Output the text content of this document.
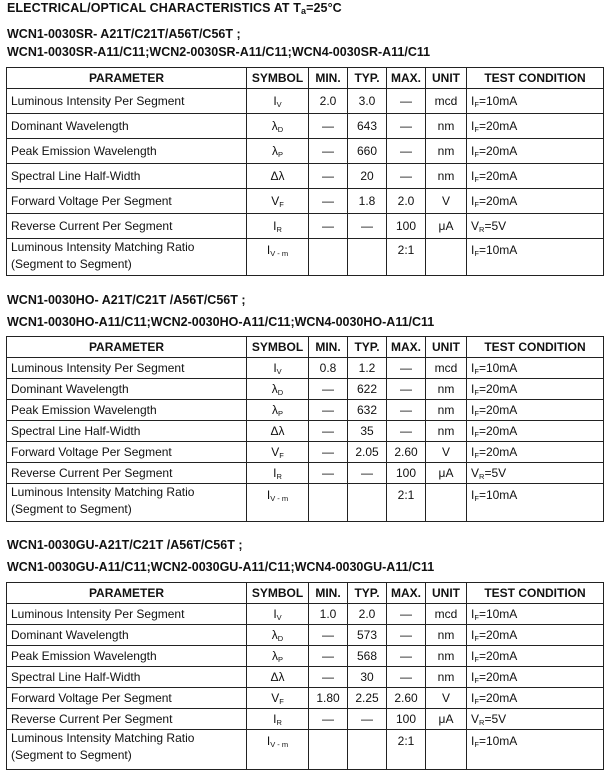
ELECTRICAL/OPTICAL CHARACTERISTICS AT $T_a=25^\circ C$
WCN1-0030SR- A21T/C21T/A56T/C56T ;
WCN1-0030SR-A11/C11;WCN2-0030SR-A11/C11;WCN4-0030SR-A11/C11
PARAMETER	SYMBOL	MIN.	TYP.	MAX.	UNIT	TEST CONDITION
Luminous Intensity Per Segment	$I_V$	2.0	3.0	—	mcd	$I_F=10mA$
Dominant Wavelength	$\lambda_D$	—	643	—	nm	$I_F=20mA$
Peak Emission Wavelength	$\lambda_P$	—	660	—	nm	$I_F=20mA$
Spectral Line Half-Width	Δλ	—	20	—	nm	$I_F=20mA$
Forward Voltage Per Segment	$V_F$	—	1.8	2.0	V	$I_F=20mA$
Reverse Current Per Segment	$I_R$	—	—	100	μA	$V_R=5V$

Luminous Intensity Matching Ratio
(Segment to Segment)	$I_{V - m}$			2:1		$I_F=10mA$
WCN1-0030HO- A21T/C21T /A56T/C56T ;
WCN1-0030HO-A11/C11;WCN2-0030HO-A11/C11;WCN4-0030HO-A11/C11
PARAMETER	SYMBOL	MIN.	TYP.	MAX.	UNIT	TEST CONDITION
Luminous Intensity Per Segment	$I_V$	0.8	1.2	—	mcd	$I_F=10mA$
Dominant Wavelength	$\lambda_D$	—	622	—	nm	$I_F=20mA$
Peak Emission Wavelength	$\lambda_P$	—	632	—	nm	$I_F=20mA$
Spectral Line Half-Width	Δλ	—	35	—	nm	$I_F=20mA$
Forward Voltage Per Segment	$V_F$	—	2.05	2.60	V	$I_F=20mA$
Reverse Current Per Segment	$I_R$	—	—	100	μA	$V_R=5V$

Luminous Intensity Matching Ratio
(Segment to Segment)	$I_{V - m}$			2:1		$I_F=10mA$
WCN1-0030GU-A21T/C21T /A56T/C56T ;
WCN1-0030GU-A11/C11;WCN2-0030GU-A11/C11;WCN4-0030GU-A11/C11
PARAMETER	SYMBOL	MIN.	TYP.	MAX.	UNIT	TEST CONDITION
Luminous Intensity Per Segment	$I_V$	1.0	2.0	—	mcd	$I_F=10mA$
Dominant Wavelength	$\lambda_D$	—	573	—	nm	$I_F=20mA$
Peak Emission Wavelength	$\lambda_P$	—	568	—	nm	$I_F=20mA$
Spectral Line Half-Width	Δλ	—	30	—	nm	$I_F=20mA$
Forward Voltage Per Segment	$V_F$	1.80	2.25	2.60	V	$I_F=20mA$
Reverse Current Per Segment	$I_R$	—	—	100	μA	$V_R=5V$

Luminous Intensity Matching Ratio
(Segment to Segment)	$I_{V - m}$			2:1		$I_F=10mA$
